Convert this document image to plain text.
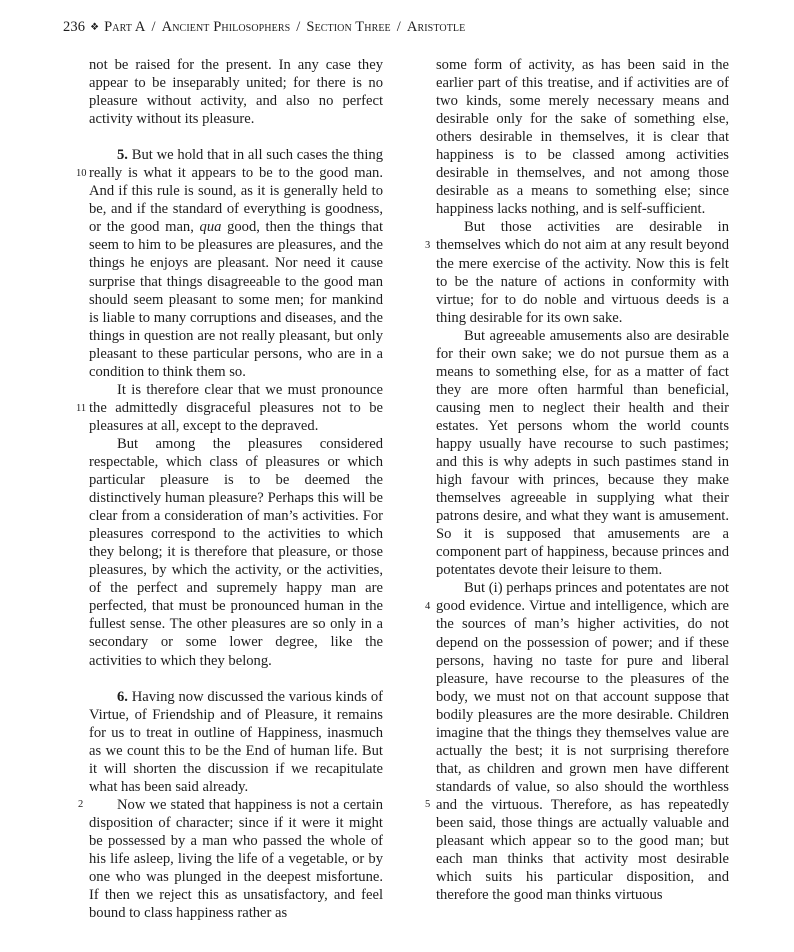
236 ❖ Part A / Ancient Philosophers / Section Three / Aristotle
10
11
2
3
4
5

not be raised for the present. In any case they appear to be inseparably united; for there is no pleasure without activity, and also no perfect activity without its pleasure.

5. But we hold that in all such cases the thing really is what it appears to be to the good man. And if this rule is sound, as it is generally held to be, and if the standard of everything is goodness, or the good man, qua good, then the things that seem to him to be pleasures are pleasures, and the things he enjoys are pleasant. Nor need it cause surprise that things disagreeable to the good man should seem pleasant to some men; for mankind is liable to many corruptions and diseases, and the things in question are not really pleasant, but only pleasant to these particular persons, who are in a condition to think them so.

It is therefore clear that we must pronounce the admittedly disgraceful pleasures not to be pleasures at all, except to the depraved.

But among the pleasures considered respectable, which class of pleasures or which particular pleasure is to be deemed the distinctively human pleasure? Perhaps this will be clear from a consideration of man’s activities. For pleasures correspond to the activities to which they belong; it is therefore that pleasure, or those pleasures, by which the activity, or the activities, of the perfect and supremely happy man are perfected, that must be pronounced human in the fullest sense. The other pleasures are so only in a secondary or some lower degree, like the activities to which they belong.

6. Having now discussed the various kinds of Virtue, of Friendship and of Pleasure, it remains for us to treat in outline of Happiness, inasmuch as we count this to be the End of human life. But it will shorten the discussion if we recapitulate what has been said already.

Now we stated that happiness is not a certain disposition of character; since if it were it might be possessed by a man who passed the whole of his life asleep, living the life of a vegetable, or by one who was plunged in the deepest misfortune. If then we reject this as unsatisfactory, and feel bound to class happiness rather as

some form of activity, as has been said in the earlier part of this treatise, and if activities are of two kinds, some merely necessary means and desirable only for the sake of something else, others desirable in themselves, it is clear that happiness is to be classed among activities desirable in themselves, and not among those desirable as a means to something else; since happiness lacks nothing, and is self-sufficient.

But those activities are desirable in themselves which do not aim at any result beyond the mere exercise of the activity. Now this is felt to be the nature of actions in conformity with virtue; for to do noble and virtuous deeds is a thing desirable for its own sake.

But agreeable amusements also are desirable for their own sake; we do not pursue them as a means to something else, for as a matter of fact they are more often harmful than beneficial, causing men to neglect their health and their estates. Yet persons whom the world counts happy usually have recourse to such pastimes; and this is why adepts in such pastimes stand in high favour with princes, because they make themselves agreeable in supplying what their patrons desire, and what they want is amusement. So it is supposed that amusements are a component part of happiness, because princes and potentates devote their leisure to them.

But (i) perhaps princes and potentates are not good evidence. Virtue and intelligence, which are the sources of man’s higher activities, do not depend on the possession of power; and if these persons, having no taste for pure and liberal pleasure, have recourse to the pleasures of the body, we must not on that account suppose that bodily pleasures are the more desirable. Children imagine that the things they themselves value are actually the best; it is not surprising therefore that, as children and grown men have different standards of value, so also should the worthless and the virtuous. Therefore, as has repeatedly been said, those things are actually valuable and pleasant which appear so to the good man; but each man thinks that activity most desirable which suits his particular disposition, and therefore the good man thinks virtuous
